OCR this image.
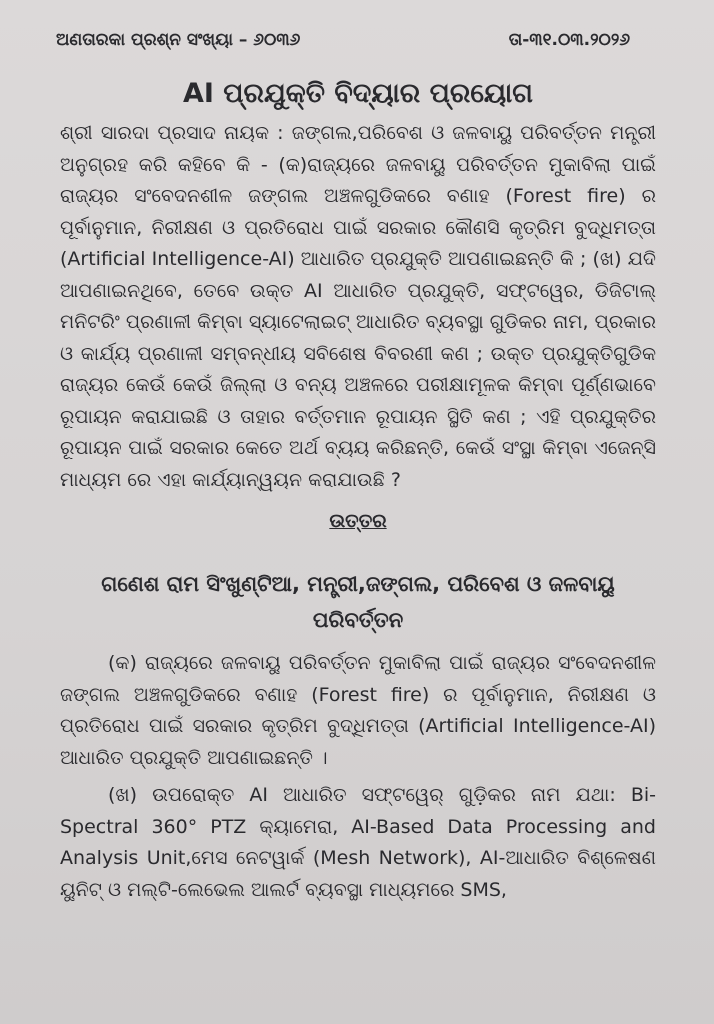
ଅଣତାରକା ପ୍ରଶ୍ନ ସଂଖ୍ୟା – ୬୦୩୬	ତା-୩୧.୦୩.୨୦୨୬
AI ପ୍ରଯୁକ୍ତି ବିଦ୍ୟାର ପ୍ରୟୋଗ

ଶ୍ରୀ ସାରଦା ପ୍ରସାଦ ନାୟକ : ଜଙ୍ଗଲ,ପରିବେଶ ଓ ଜଳବାୟୁ ପରିବର୍ତ୍ତନ ମନ୍ତ୍ରୀ ଅନୁଗ୍ରହ କରି କହିବେ କି - (କ)ରାଜ୍ୟରେ ଜଳବାୟୁ ପରିବର୍ତ୍ତନ ମୁକାବିଲା ପାଇଁ ରାଜ୍ୟର ସଂବେଦନଶୀଳ ଜଙ୍ଗଲ ଅଞ୍ଚଳଗୁଡିକରେ ବଣାହ (Forest fire) ର ପୂର୍ବାନୁମାନ, ନିରୀକ୍ଷଣ ଓ ପ୍ରତିରୋଧ ପାଇଁ ସରକାର କୌଣସି କୃତ୍ରିମ ବୁଦ୍ଧିମତ୍ତା (Artificial Intelligence-AI) ଆଧାରିତ ପ୍ରଯୁକ୍ତି ଆପଣାଇଛନ୍ତି କି ; (ଖ) ଯଦି ଆପଣାଇନଥିବେ, ତେବେ ଉକ୍ତ AI ଆଧାରିତ ପ୍ରଯୁକ୍ତି, ସଫ୍ଟୱେର, ଡିଜିଟାଲ୍ ମନିଟରିଂ ପ୍ରଣାଳୀ କିମ୍ବା ସ୍ୟାଟେଲାଇଟ୍ ଆଧାରିତ ବ୍ୟବସ୍ଥା ଗୁଡିକର ନାମ, ପ୍ରକାର ଓ କାର୍ଯ୍ୟ ପ୍ରଣାଳୀ ସମ୍ବନ୍ଧୀୟ ସବିଶେଷ ବିବରଣୀ କଣ ; ଉକ୍ତ ପ୍ରଯୁକ୍ତିଗୁଡିକ ରାଜ୍ୟର କେଉଁ କେଉଁ ଜିଲ୍ଲା ଓ ବନ୍ୟ ଅଞ୍ଚଳରେ ପରୀକ୍ଷାମୂଳକ କିମ୍ବା ପୂର୍ଣ୍ଣଭାବେ ରୂପାୟନ କରାଯାଇଛି ଓ ତାହାର ବର୍ତ୍ତମାନ ରୂପାୟନ ସ୍ଥିତି କଣ ; ଏହି ପ୍ରଯୁକ୍ତିର ରୂପାୟନ ପାଇଁ ସରକାର କେତେ ଅର୍ଥ ବ୍ୟୟ କରିଛନ୍ତି, କେଉଁ ସଂସ୍ଥା କିମ୍ବା ଏଜେନ୍ସି ମାଧ୍ୟମ ରେ ଏହା କାର୍ଯ୍ୟାନ୍ୱୟନ କରାଯାଉଛି ?

ଉତ୍ତର
ଗଣେଶ ରାମ ସିଂଖୁଣ୍ଟିଆ, ମନ୍ତ୍ରୀ,ଜଙ୍ଗଲ, ପରିବେଶ ଓ ଜଳବାୟୁ ପରିବର୍ତ୍ତନ

(କ) ରାଜ୍ୟରେ ଜଳବାୟୁ ପରିବର୍ତ୍ତନ ମୁକାବିଲା ପାଇଁ ରାଜ୍ୟର ସଂବେଦନଶୀଳ ଜଙ୍ଗଲ ଅଞ୍ଚଳଗୁଡିକରେ ବଣାହ (Forest fire) ର ପୂର୍ବାନୁମାନ, ନିରୀକ୍ଷଣ ଓ ପ୍ରତିରୋଧ ପାଇଁ ସରକାର କୃତ୍ରିମ ବୁଦ୍ଧିମତ୍ତା (Artificial Intelligence-AI) ଆଧାରିତ ପ୍ରଯୁକ୍ତି ଆପଣାଇଛନ୍ତି ।

(ଖ) ଉପରୋକ୍ତ AI ଆଧାରିତ ସଫ୍ଟୱେର୍ ଗୁଡ଼ିକର ନାମ ଯଥା: Bi-Spectral 360° PTZ କ୍ୟାମେରା, AI-Based Data Processing and Analysis Unit,ମେସ ନେଟୱାର୍କ (Mesh Network), AI-ଆଧାରିତ ବିଶ୍ଳେଷଣ ୟୁନିଟ୍ ଓ ମଲ୍ଟି-ଲେଭେଲ ଆଲର୍ଟ ବ୍ୟବସ୍ଥା ମାଧ୍ୟମରେ SMS,
